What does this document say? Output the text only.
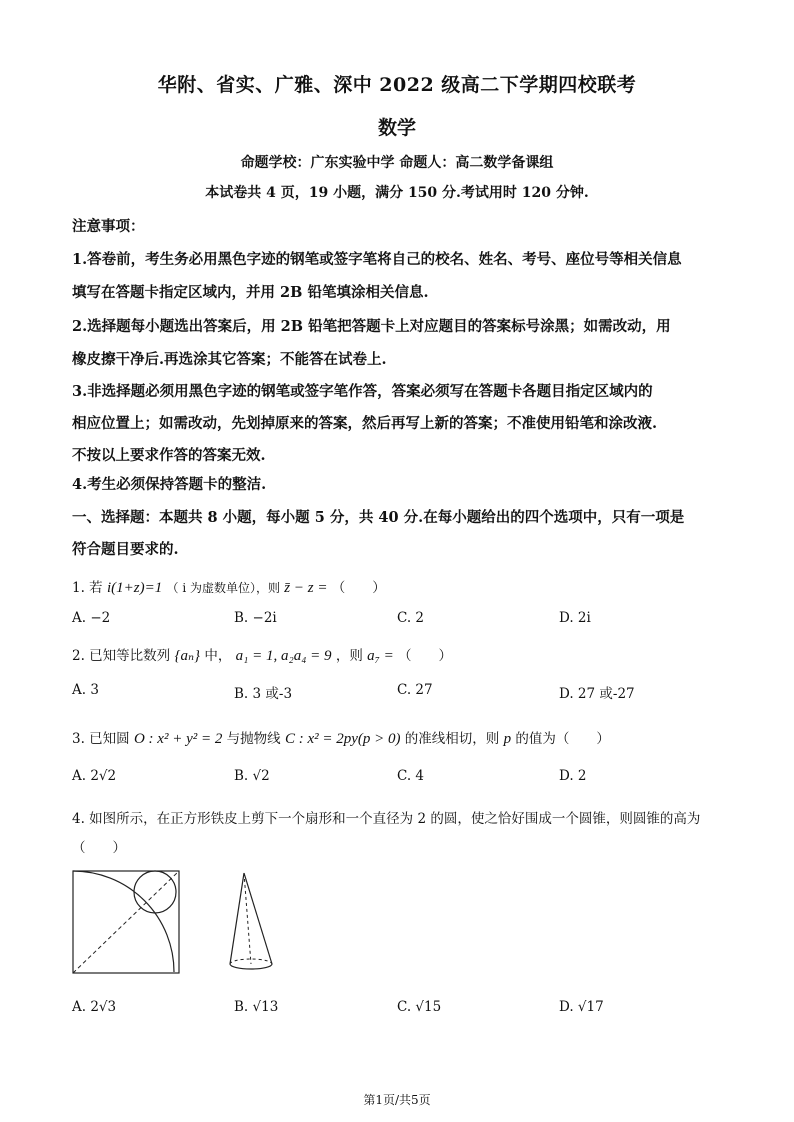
华附、省实、广雅、深中 2022 级高二下学期四校联考
数学
命题学校：广东实验中学 命题人：高二数学备课组
本试卷共 4 页，19 小题，满分 150 分.考试用时 120 分钟.
注意事项：
1.答卷前，考生务必用黑色字迹的钢笔或签字笔将自己的校名、姓名、考号、座位号等相关信息
填写在答题卡指定区域内，并用 2B 铅笔填涂相关信息.
2.选择题每小题选出答案后，用 2B 铅笔把答题卡上对应题目的答案标号涂黑；如需改动，用
橡皮擦干净后.再选涂其它答案；不能答在试卷上.
3.非选择题必须用黑色字迹的钢笔或签字笔作答，答案必须写在答题卡各题目指定区域内的
相应位置上；如需改动，先划掉原来的答案，然后再写上新的答案；不准使用铅笔和涂改液.
不按以上要求作答的答案无效.
4.考生必须保持答题卡的整洁.
一、选择题：本题共 8 小题，每小题 5 分，共 40 分.在每小题给出的四个选项中，只有一项是
符合题目要求的.
1. 若 i(1+z)=1 （ i 为虚数单位），则 z̄ − z = （　　）
A. −2	B. −2i	C. 2	D. 2i
2. 已知等比数列 {aₙ} 中， a₁ = 1, a₂a₄ = 9 ，则 a₇ = （　　）
A. 3	B. 3 或-3	C. 27	D. 27 或-27
3. 已知圆 O : x² + y² = 2 与抛物线 C : x² = 2py(p > 0) 的准线相切，则 p 的值为（　　）
A. 2√2	B. √2	C. 4	D. 2
4. 如图所示，在正方形铁皮上剪下一个扇形和一个直径为 2 的圆，使之恰好围成一个圆锥，则圆锥的高为
（　　）
A. 2√3	B. √13	C. √15	D. √17
第1页/共5页
